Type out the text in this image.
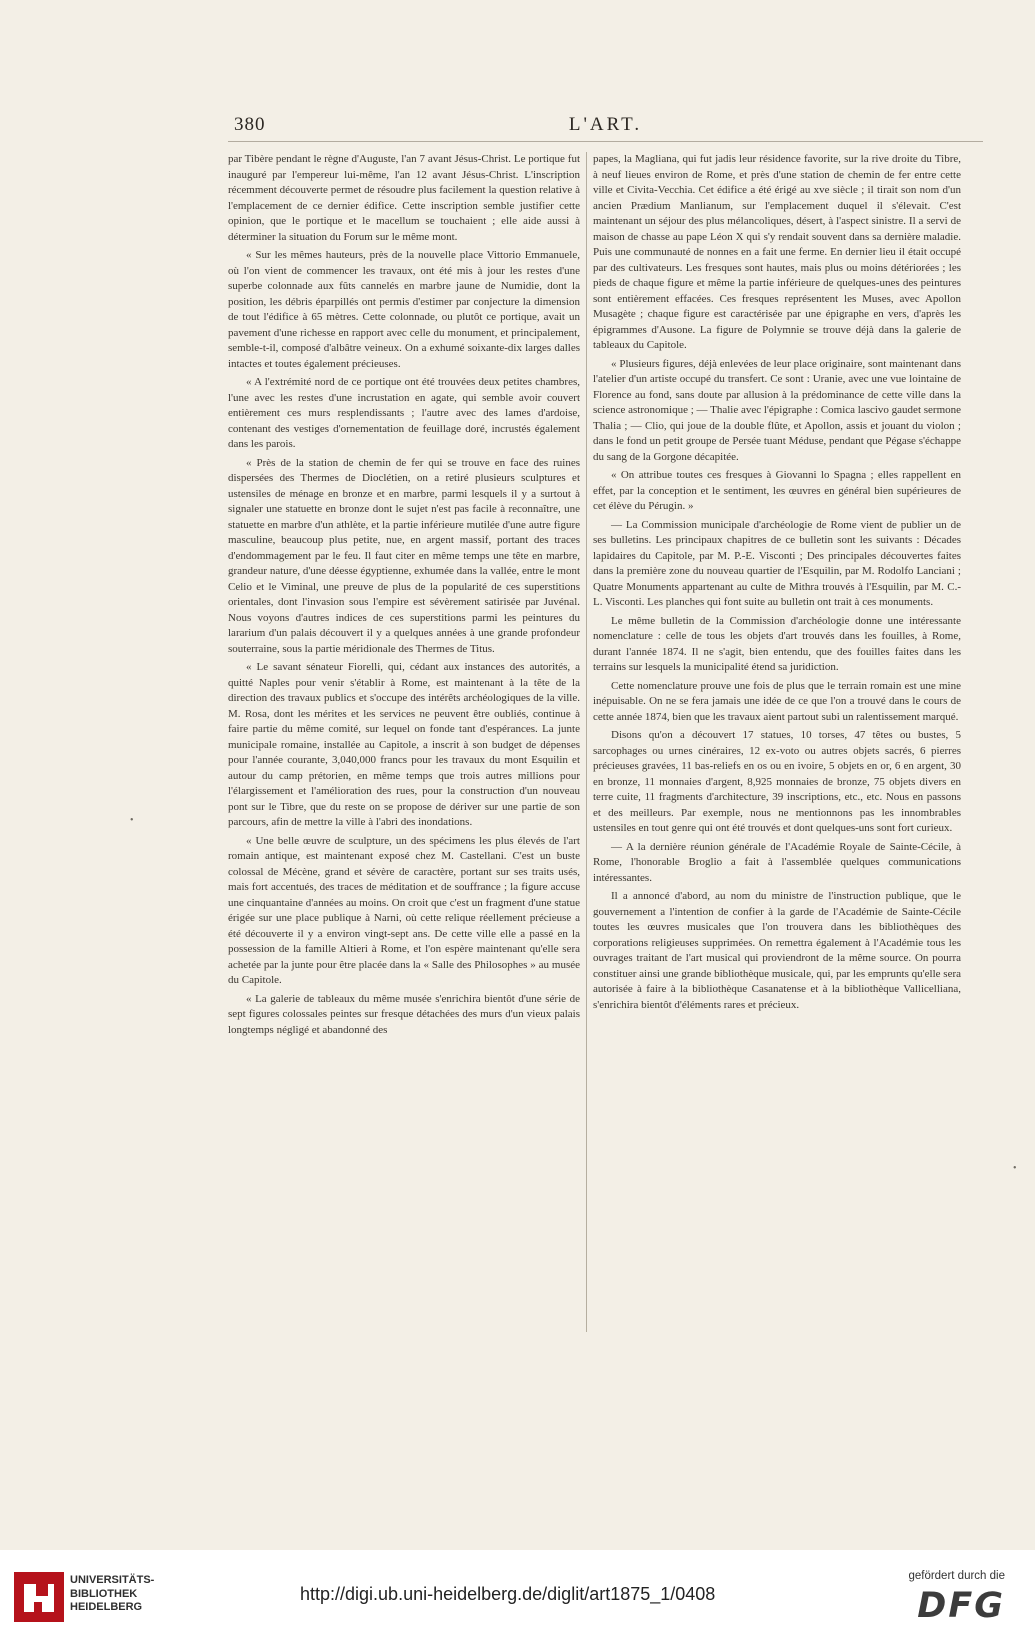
380	L'ART.

par Tibère pendant le règne d'Auguste, l'an 7 avant Jésus-Christ. Le portique fut inauguré par l'empereur lui-même, l'an 12 avant Jésus-Christ. L'inscription récemment découverte permet de résoudre plus facilement la question relative à l'emplacement de ce dernier édifice. Cette inscription semble justifier cette opinion, que le portique et le macellum se touchaient ; elle aide aussi à déterminer la situation du Forum sur le même mont.

« Sur les mêmes hauteurs, près de la nouvelle place Vittorio Emmanuele, où l'on vient de commencer les travaux, ont été mis à jour les restes d'une superbe colonnade aux fûts cannelés en marbre jaune de Numidie, dont la position, les débris éparpillés ont permis d'estimer par conjecture la dimension de tout l'édifice à 65 mètres. Cette colonnade, ou plutôt ce portique, avait un pavement d'une richesse en rapport avec celle du monument, et principalement, semble-t-il, composé d'albâtre veineux. On a exhumé soixante-dix larges dalles intactes et toutes également précieuses.

« A l'extrémité nord de ce portique ont été trouvées deux petites chambres, l'une avec les restes d'une incrustation en agate, qui semble avoir couvert entièrement ces murs resplendissants ; l'autre avec des lames d'ardoise, contenant des vestiges d'ornementation de feuillage doré, incrustés également dans les parois.

« Près de la station de chemin de fer qui se trouve en face des ruines dispersées des Thermes de Dioclétien, on a retiré plusieurs sculptures et ustensiles de ménage en bronze et en marbre, parmi lesquels il y a surtout à signaler une statuette en bronze dont le sujet n'est pas facile à reconnaître, une statuette en marbre d'un athlète, et la partie inférieure mutilée d'une autre figure masculine, beaucoup plus petite, nue, en argent massif, portant des traces d'endommagement par le feu. Il faut citer en même temps une tête en marbre, grandeur nature, d'une déesse égyptienne, exhumée dans la vallée, entre le mont Celio et le Viminal, une preuve de plus de la popularité de ces superstitions orientales, dont l'invasion sous l'empire est sévèrement satirisée par Juvénal. Nous voyons d'autres indices de ces superstitions parmi les peintures du lararium d'un palais découvert il y a quelques années à une grande profondeur souterraine, sous la partie méridionale des Thermes de Titus.

« Le savant sénateur Fiorelli, qui, cédant aux instances des autorités, a quitté Naples pour venir s'établir à Rome, est maintenant à la tête de la direction des travaux publics et s'occupe des intérêts archéologiques de la ville. M. Rosa, dont les mérites et les services ne peuvent être oubliés, continue à faire partie du même comité, sur lequel on fonde tant d'espérances. La junte municipale romaine, installée au Capitole, a inscrit à son budget de dépenses pour l'année courante, 3,040,000 francs pour les travaux du mont Esquilin et autour du camp prétorien, en même temps que trois autres millions pour l'élargissement et l'amélioration des rues, pour la construction d'un nouveau pont sur le Tibre, que du reste on se propose de dériver sur une partie de son parcours, afin de mettre la ville à l'abri des inondations.

« Une belle œuvre de sculpture, un des spécimens les plus élevés de l'art romain antique, est maintenant exposé chez M. Castellani. C'est un buste colossal de Mécène, grand et sévère de caractère, portant sur ses traits usés, mais fort accentués, des traces de méditation et de souffrance ; la figure accuse une cinquantaine d'années au moins. On croit que c'est un fragment d'une statue érigée sur une place publique à Narni, où cette relique réellement précieuse a été découverte il y a environ vingt-sept ans. De cette ville elle a passé en la possession de la famille Altieri à Rome, et l'on espère maintenant qu'elle sera achetée par la junte pour être placée dans la « Salle des Philosophes » au musée du Capitole.

« La galerie de tableaux du même musée s'enrichira bientôt d'une série de sept figures colossales peintes sur fresque détachées des murs d'un vieux palais longtemps négligé et abandonné des

papes, la Magliana, qui fut jadis leur résidence favorite, sur la rive droite du Tibre, à neuf lieues environ de Rome, et près d'une station de chemin de fer entre cette ville et Civita-Vecchia. Cet édifice a été érigé au xve siècle ; il tirait son nom d'un ancien Prædium Manlianum, sur l'emplacement duquel il s'élevait. C'est maintenant un séjour des plus mélancoliques, désert, à l'aspect sinistre. Il a servi de maison de chasse au pape Léon X qui s'y rendait souvent dans sa dernière maladie. Puis une communauté de nonnes en a fait une ferme. En dernier lieu il était occupé par des cultivateurs. Les fresques sont hautes, mais plus ou moins détériorées ; les pieds de chaque figure et même la partie inférieure de quelques-unes des peintures sont entièrement effacées. Ces fresques représentent les Muses, avec Apollon Musagète ; chaque figure est caractérisée par une épigraphe en vers, d'après les épigrammes d'Ausone. La figure de Polymnie se trouve déjà dans la galerie de tableaux du Capitole.

« Plusieurs figures, déjà enlevées de leur place originaire, sont maintenant dans l'atelier d'un artiste occupé du transfert. Ce sont : Uranie, avec une vue lointaine de Florence au fond, sans doute par allusion à la prédominance de cette ville dans la science astronomique ; — Thalie avec l'épigraphe : Comica lascivo gaudet sermone Thalia ; — Clio, qui joue de la double flûte, et Apollon, assis et jouant du violon ; dans le fond un petit groupe de Persée tuant Méduse, pendant que Pégase s'échappe du sang de la Gorgone décapitée.

« On attribue toutes ces fresques à Giovanni lo Spagna ; elles rappellent en effet, par la conception et le sentiment, les œuvres en général bien supérieures de cet élève du Pérugin. »

— La Commission municipale d'archéologie de Rome vient de publier un de ses bulletins. Les principaux chapitres de ce bulletin sont les suivants : Décades lapidaires du Capitole, par M. P.-E. Visconti ; Des principales découvertes faites dans la première zone du nouveau quartier de l'Esquilin, par M. Rodolfo Lanciani ; Quatre Monuments appartenant au culte de Mithra trouvés à l'Esquilin, par M. C.-L. Visconti. Les planches qui font suite au bulletin ont trait à ces monuments.

Le même bulletin de la Commission d'archéologie donne une intéressante nomenclature : celle de tous les objets d'art trouvés dans les fouilles, à Rome, durant l'année 1874. Il ne s'agit, bien entendu, que des fouilles faites dans les terrains sur lesquels la municipalité étend sa juridiction.

Cette nomenclature prouve une fois de plus que le terrain romain est une mine inépuisable. On ne se fera jamais une idée de ce que l'on a trouvé dans le cours de cette année 1874, bien que les travaux aient partout subi un ralentissement marqué.

Disons qu'on a découvert 17 statues, 10 torses, 47 têtes ou bustes, 5 sarcophages ou urnes cinéraires, 12 ex-voto ou autres objets sacrés, 6 pierres précieuses gravées, 11 bas-reliefs en os ou en ivoire, 5 objets en or, 6 en argent, 30 en bronze, 11 monnaies d'argent, 8,925 monnaies de bronze, 75 objets divers en terre cuite, 11 fragments d'architecture, 39 inscriptions, etc., etc. Nous en passons et des meilleurs. Par exemple, nous ne mentionnons pas les innombrables ustensiles en tout genre qui ont été trouvés et dont quelques-uns sont fort curieux.

— A la dernière réunion générale de l'Académie Royale de Sainte-Cécile, à Rome, l'honorable Broglio a fait à l'assemblée quelques communications intéressantes.

Il a annoncé d'abord, au nom du ministre de l'instruction publique, que le gouvernement a l'intention de confier à la garde de l'Académie de Sainte-Cécile toutes les œuvres musicales que l'on trouvera dans les bibliothèques des corporations religieuses supprimées. On remettra également à l'Académie tous les ouvrages traitant de l'art musical qui proviendront de la même source. On pourra constituer ainsi une grande bibliothèque musicale, qui, par les emprunts qu'elle sera autorisée à faire à la bibliothèque Casanatense et à la bibliothèque Vallicelliana, s'enrichira bientôt d'éléments rares et précieux.

•
•
UNIVERSITÄTS-
BIBLIOTHEK
HEIDELBERG
http://digi.ub.uni-heidelberg.de/diglit/art1875_1/0408
gefördert durch die
DFG
